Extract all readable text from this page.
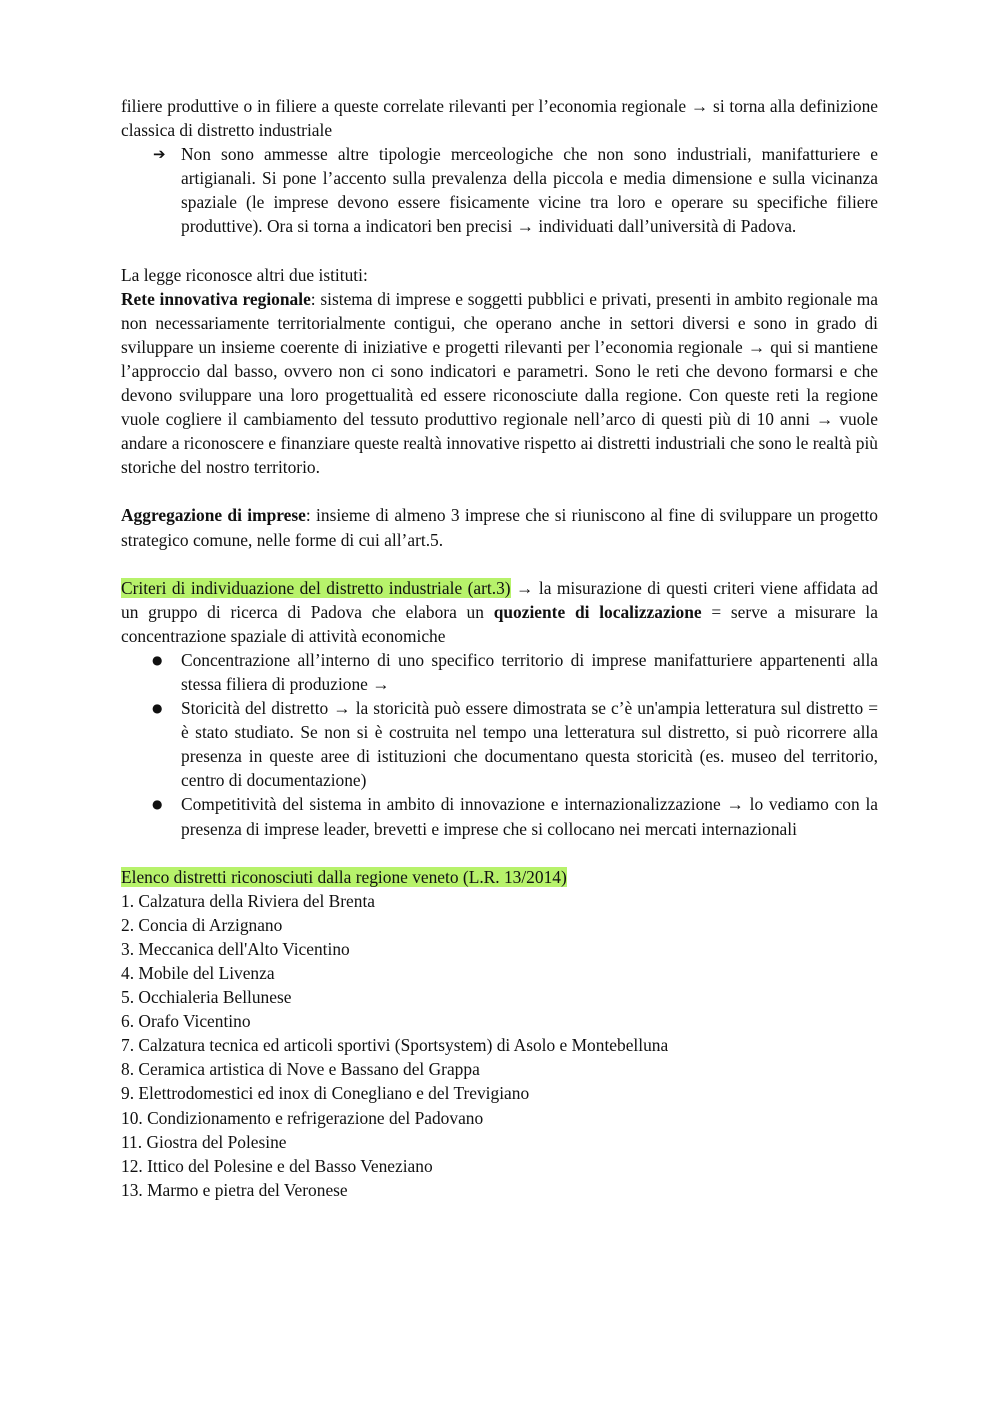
filiere produttive o in filiere a queste correlate rilevanti per l’economia regionale → si torna alla definizione classica di distretto industriale

➔ Non sono ammesse altre tipologie merceologiche che non sono industriali, manifatturiere e artigianali. Si pone l’accento sulla prevalenza della piccola e media dimensione e sulla vicinanza spaziale (le imprese devono essere fisicamente vicine tra loro e operare su specifiche filiere produttive). Ora si torna a indicatori ben precisi → individuati dall’università di Padova.

La legge riconosce altri due istituti:

Rete innovativa regionale: sistema di imprese e soggetti pubblici e privati, presenti in ambito regionale ma non necessariamente territorialmente contigui, che operano anche in settori diversi e sono in grado di sviluppare un insieme coerente di iniziative e progetti rilevanti per l’economia regionale → qui si mantiene l’approccio dal basso, ovvero non ci sono indicatori e parametri. Sono le reti che devono formarsi e che devono sviluppare una loro progettualità ed essere riconosciute dalla regione. Con queste reti la regione vuole cogliere il cambiamento del tessuto produttivo regionale nell’arco di questi più di 10 anni → vuole andare a riconoscere e finanziare queste realtà innovative rispetto ai distretti industriali che sono le realtà più storiche del nostro territorio.

Aggregazione di imprese: insieme di almeno 3 imprese che si riuniscono al fine di sviluppare un progetto strategico comune, nelle forme di cui all’art.5.

Criteri di individuazione del distretto industriale (art.3) → la misurazione di questi criteri viene affidata ad un gruppo di ricerca di Padova che elabora un quoziente di localizzazione = serve a misurare la concentrazione spaziale di attività economiche

● Concentrazione all’interno di uno specifico territorio di imprese manifatturiere appartenenti alla stessa filiera di produzione →
● Storicità del distretto → la storicità può essere dimostrata se c’è un'ampia letteratura sul distretto = è stato studiato. Se non si è costruita nel tempo una letteratura sul distretto, si può ricorrere alla presenza in queste aree di istituzioni che documentano questa storicità (es. museo del territorio, centro di documentazione)
● Competitività del sistema in ambito di innovazione e internazionalizzazione → lo vediamo con la presenza di imprese leader, brevetti e imprese che si collocano nei mercati internazionali

Elenco distretti riconosciuti dalla regione veneto (L.R. 13/2014)

1. Calzatura della Riviera del Brenta
2. Concia di Arzignano
3. Meccanica dell'Alto Vicentino
4. Mobile del Livenza
5. Occhialeria Bellunese
6. Orafo Vicentino
7. Calzatura tecnica ed articoli sportivi (Sportsystem) di Asolo e Montebelluna
8. Ceramica artistica di Nove e Bassano del Grappa
9. Elettrodomestici ed inox di Conegliano e del Trevigiano
10. Condizionamento e refrigerazione del Padovano
11. Giostra del Polesine
12. Ittico del Polesine e del Basso Veneziano
13. Marmo e pietra del Veronese
